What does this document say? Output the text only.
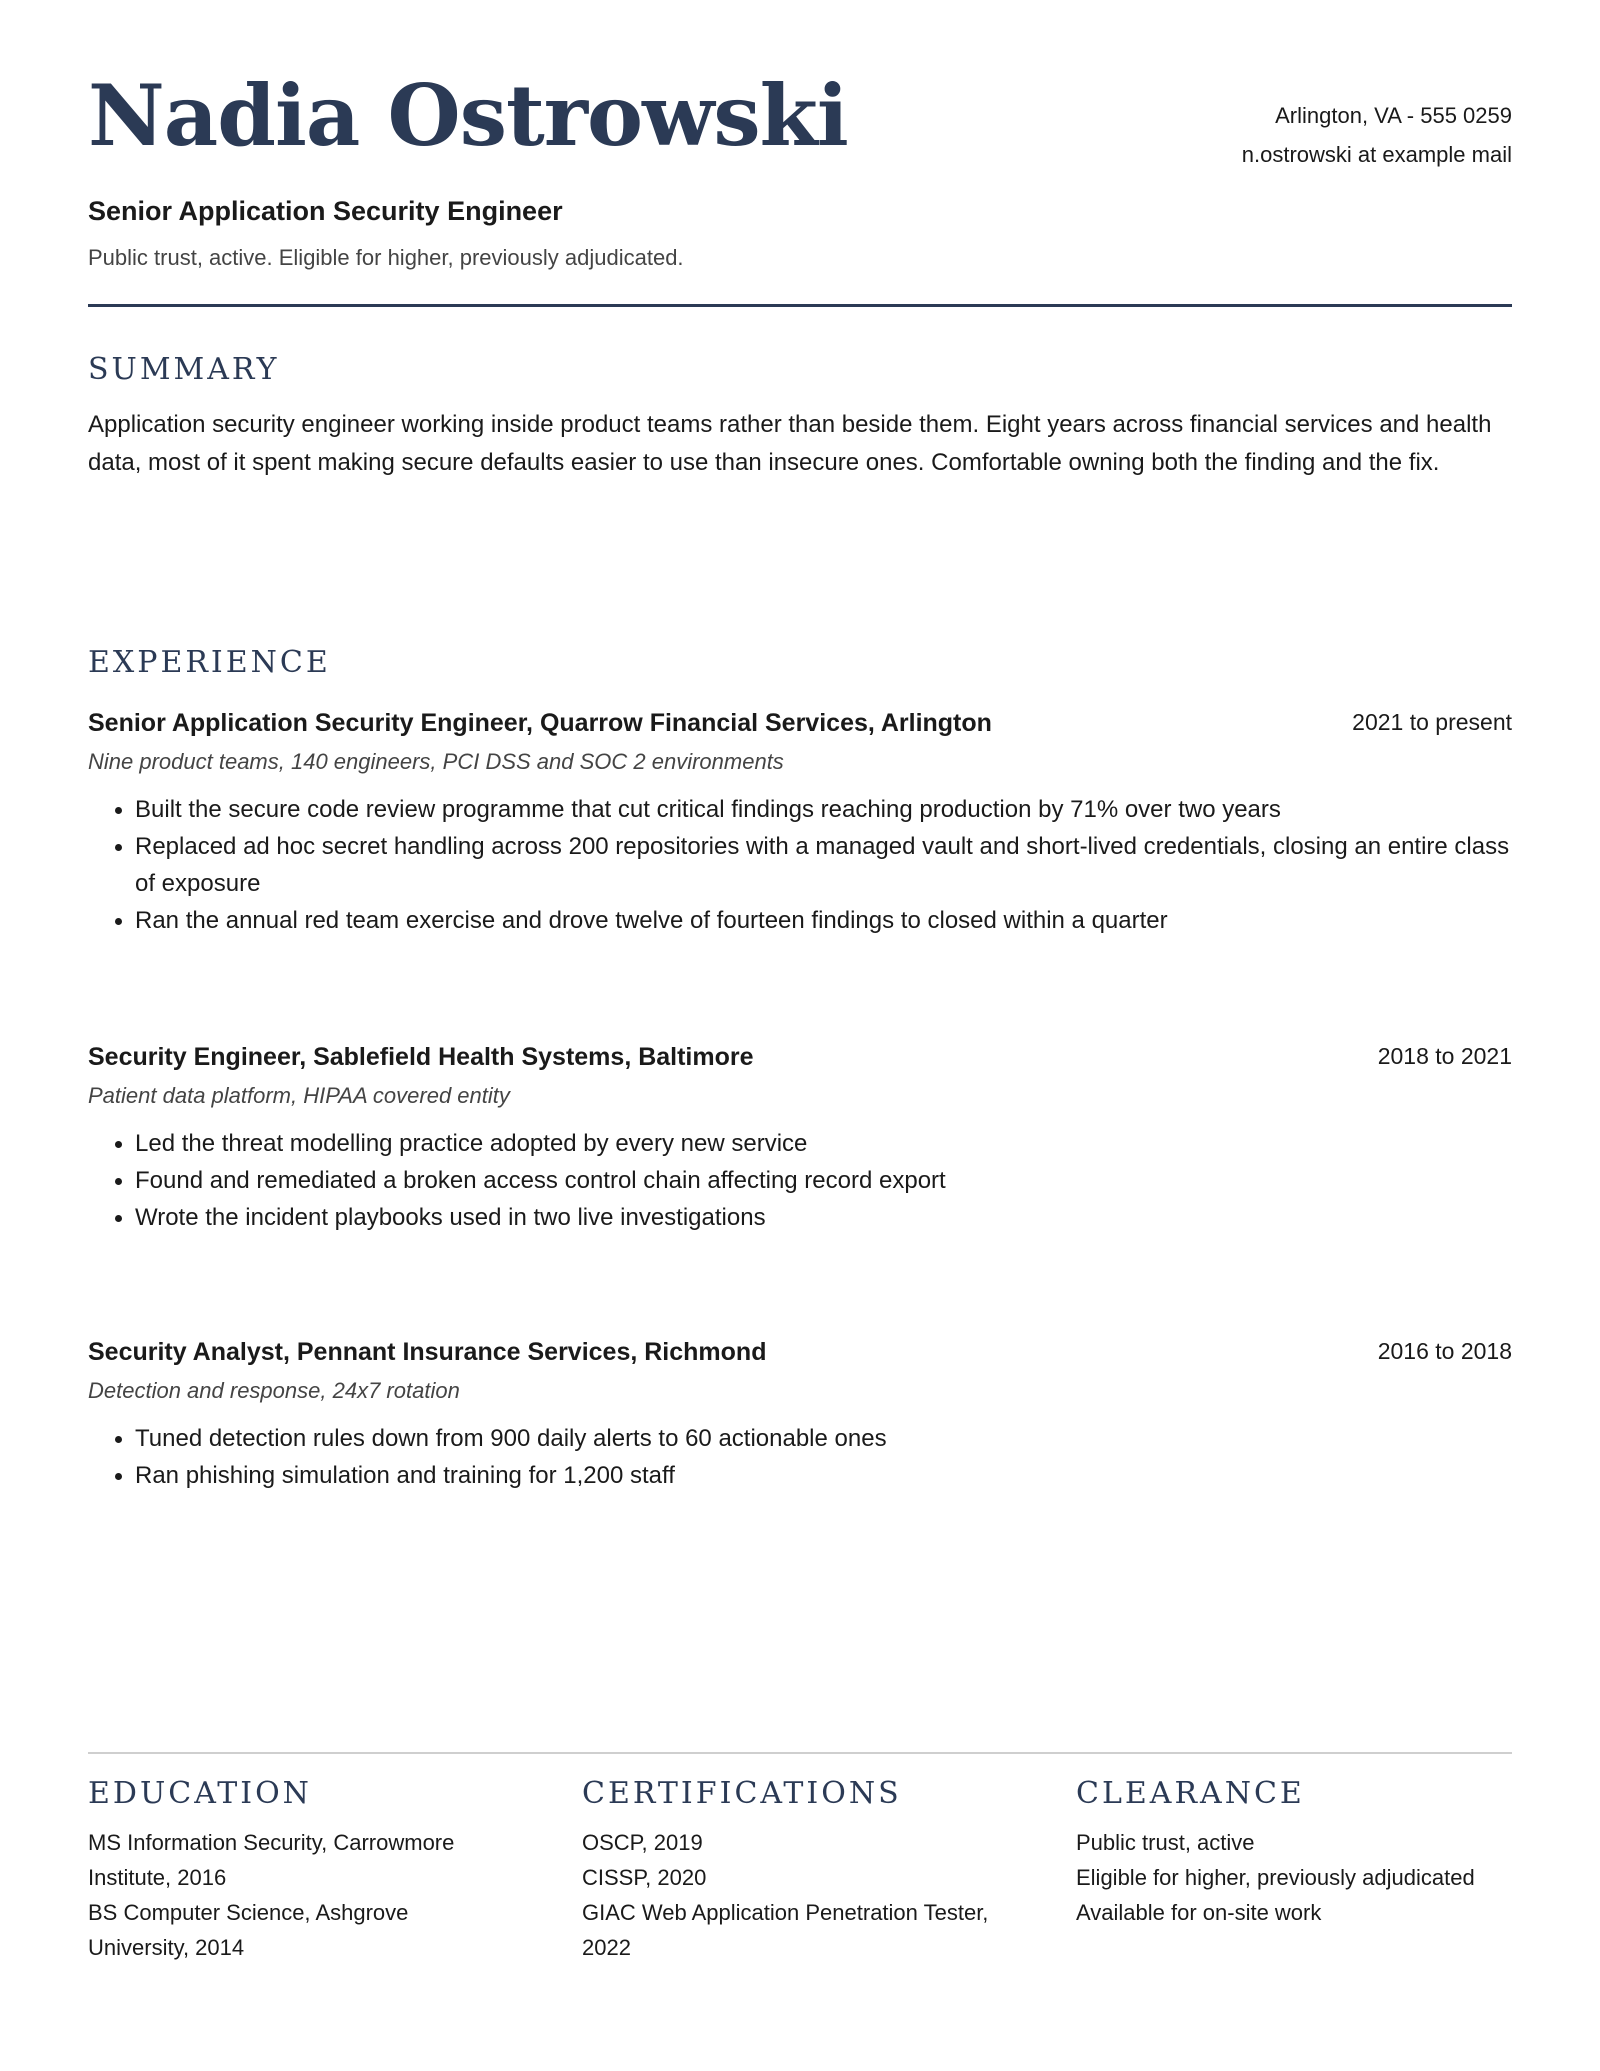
Nadia Ostrowski	Arlington, VA - 555 0259
n.ostrowski at example mail
Senior Application Security Engineer
Public trust, active. Eligible for higher, previously adjudicated.
SUMMARY

Application security engineer working inside product teams rather than beside them. Eight years across financial services and health data, most of it spent making secure defaults easier to use than insecure ones. Comfortable owning both the finding and the fix.

EXPERIENCE
Senior Application Security Engineer, Quarrow Financial Services, Arlington	2021 to present
Nine product teams, 140 engineers, PCI DSS and SOC 2 environments
Built the secure code review programme that cut critical findings reaching production by 71% over two years
Replaced ad hoc secret handling across 200 repositories with a managed vault and short-lived credentials, closing an entire class of exposure
Ran the annual red team exercise and drove twelve of fourteen findings to closed within a quarter
Security Engineer, Sablefield Health Systems, Baltimore	2018 to 2021
Patient data platform, HIPAA covered entity
Led the threat modelling practice adopted by every new service
Found and remediated a broken access control chain affecting record export
Wrote the incident playbooks used in two live investigations
Security Analyst, Pennant Insurance Services, Richmond	2016 to 2018
Detection and response, 24x7 rotation
Tuned detection rules down from 900 daily alerts to 60 actionable ones
Ran phishing simulation and training for 1,200 staff
EDUCATION
MS Information Security, Carrowmore
Institute, 2016
BS Computer Science, Ashgrove
University, 2014
CERTIFICATIONS
OSCP, 2019
CISSP, 2020
GIAC Web Application Penetration Tester,
2022
CLEARANCE
Public trust, active
Eligible for higher, previously adjudicated
Available for on-site work
